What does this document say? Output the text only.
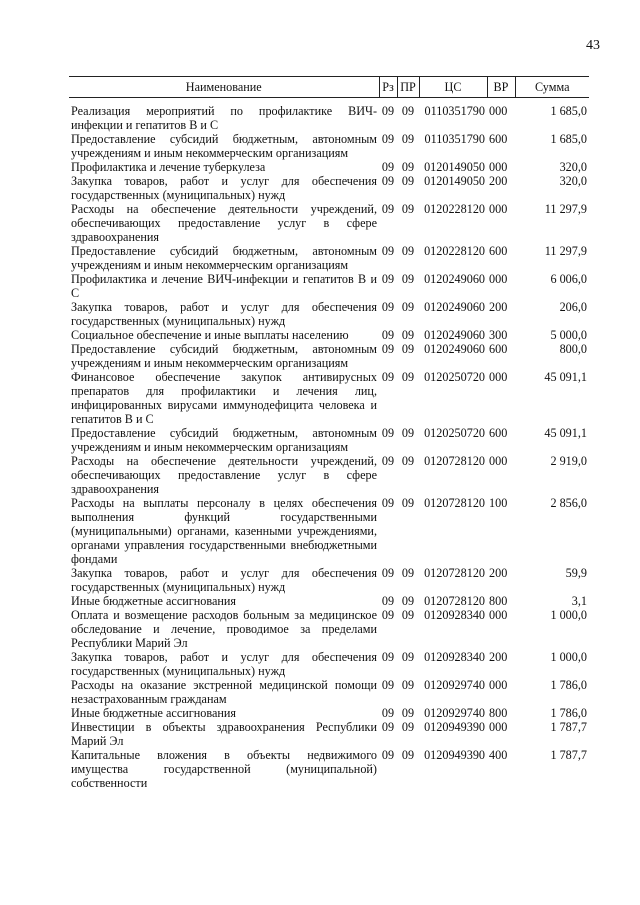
43
Наименование	Рз	ПР	ЦС	ВР	Сумма

Реализация мероприятий по профилактике ВИЧ-инфекции и гепатитов В и С	09	09	0110351790	000	1 685,0
Предоставление субсидий бюджетным, автономным учреждениям и иным некоммерческим организациям	09	09	0110351790	600	1 685,0
Профилактика и лечение туберкулеза	09	09	0120149050	000	320,0
Закупка товаров, работ и услуг для обеспечения государственных (муниципальных) нужд	09	09	0120149050	200	320,0
Расходы на обеспечение деятельности учреждений, обеспечивающих предоставление услуг в сфере здравоохранения	09	09	0120228120	000	11 297,9
Предоставление субсидий бюджетным, автономным учреждениям и иным некоммерческим организациям	09	09	0120228120	600	11 297,9
Профилактика и лечение ВИЧ-инфекции и гепатитов В и С	09	09	0120249060	000	6 006,0
Закупка товаров, работ и услуг для обеспечения государственных (муниципальных) нужд	09	09	0120249060	200	206,0
Социальное обеспечение и иные выплаты населению	09	09	0120249060	300	5 000,0
Предоставление субсидий бюджетным, автономным учреждениям и иным некоммерческим организациям	09	09	0120249060	600	800,0
Финансовое обеспечение закупок антивирусных препаратов для профилактики и лечения лиц, инфицированных вирусами иммунодефицита человека и гепатитов В и С	09	09	0120250720	000	45 091,1
Предоставление субсидий бюджетным, автономным учреждениям и иным некоммерческим организациям	09	09	0120250720	600	45 091,1
Расходы на обеспечение деятельности учреждений, обеспечивающих предоставление услуг в сфере здравоохранения	09	09	0120728120	000	2 919,0
Расходы на выплаты персоналу в целях обеспечения выполнения функций государственными (муниципальными) органами, казенными учреждениями, органами управления государственными внебюджетными фондами	09	09	0120728120	100	2 856,0
Закупка товаров, работ и услуг для обеспечения государственных (муниципальных) нужд	09	09	0120728120	200	59,9
Иные бюджетные ассигнования	09	09	0120728120	800	3,1
Оплата и возмещение расходов больным за медицинское обследование и лечение, проводимое за пределами Республики Марий Эл	09	09	0120928340	000	1 000,0
Закупка товаров, работ и услуг для обеспечения государственных (муниципальных) нужд	09	09	0120928340	200	1 000,0
Расходы на оказание экстренной медицинской помощи незастрахованным гражданам	09	09	0120929740	000	1 786,0
Иные бюджетные ассигнования	09	09	0120929740	800	1 786,0
Инвестиции в объекты здравоохранения Республики Марий Эл	09	09	0120949390	000	1 787,7
Капитальные вложения в объекты недвижимого имущества государственной (муниципальной) собственности	09	09	0120949390	400	1 787,7
